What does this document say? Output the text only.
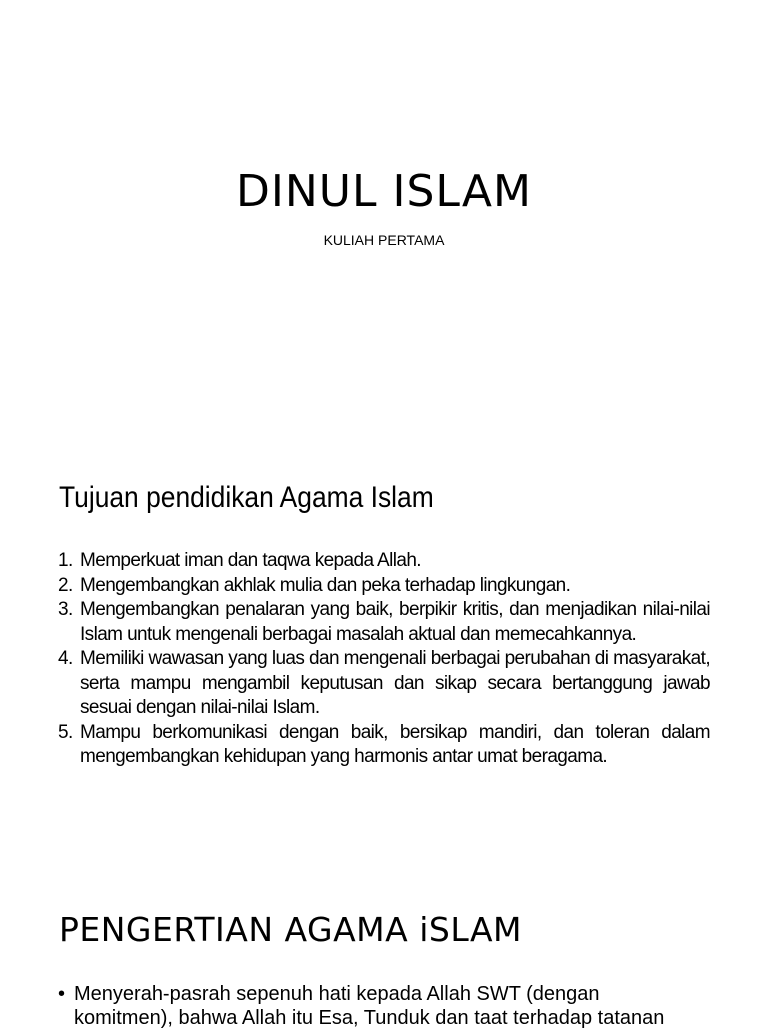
DINUL ISLAM
KULIAH PERTAMA
Tujuan pendidikan Agama Islam
1. Memperkuat iman dan taqwa kepada Allah.
2. Mengembangkan akhlak mulia dan peka terhadap lingkungan.
3. Mengembangkan penalaran yang baik, berpikir kritis, dan menjadikan nilai-nilai Islam untuk mengenali berbagai masalah aktual dan memecahkannya.
4. Memiliki wawasan yang luas dan mengenali berbagai perubahan di masyarakat, serta mampu mengambil keputusan dan sikap secara bertanggung jawab sesuai dengan nilai-nilai Islam.
5. Mampu berkomunikasi dengan baik, bersikap mandiri, dan toleran dalam mengembangkan kehidupan yang harmonis antar umat beragama.
PENGERTIAN AGAMA iSLAM
• Menyerah-pasrah sepenuh hati kepada Allah SWT (dengan komitmen), bahwa Allah itu Esa, Tunduk dan taat terhadap tatanan
